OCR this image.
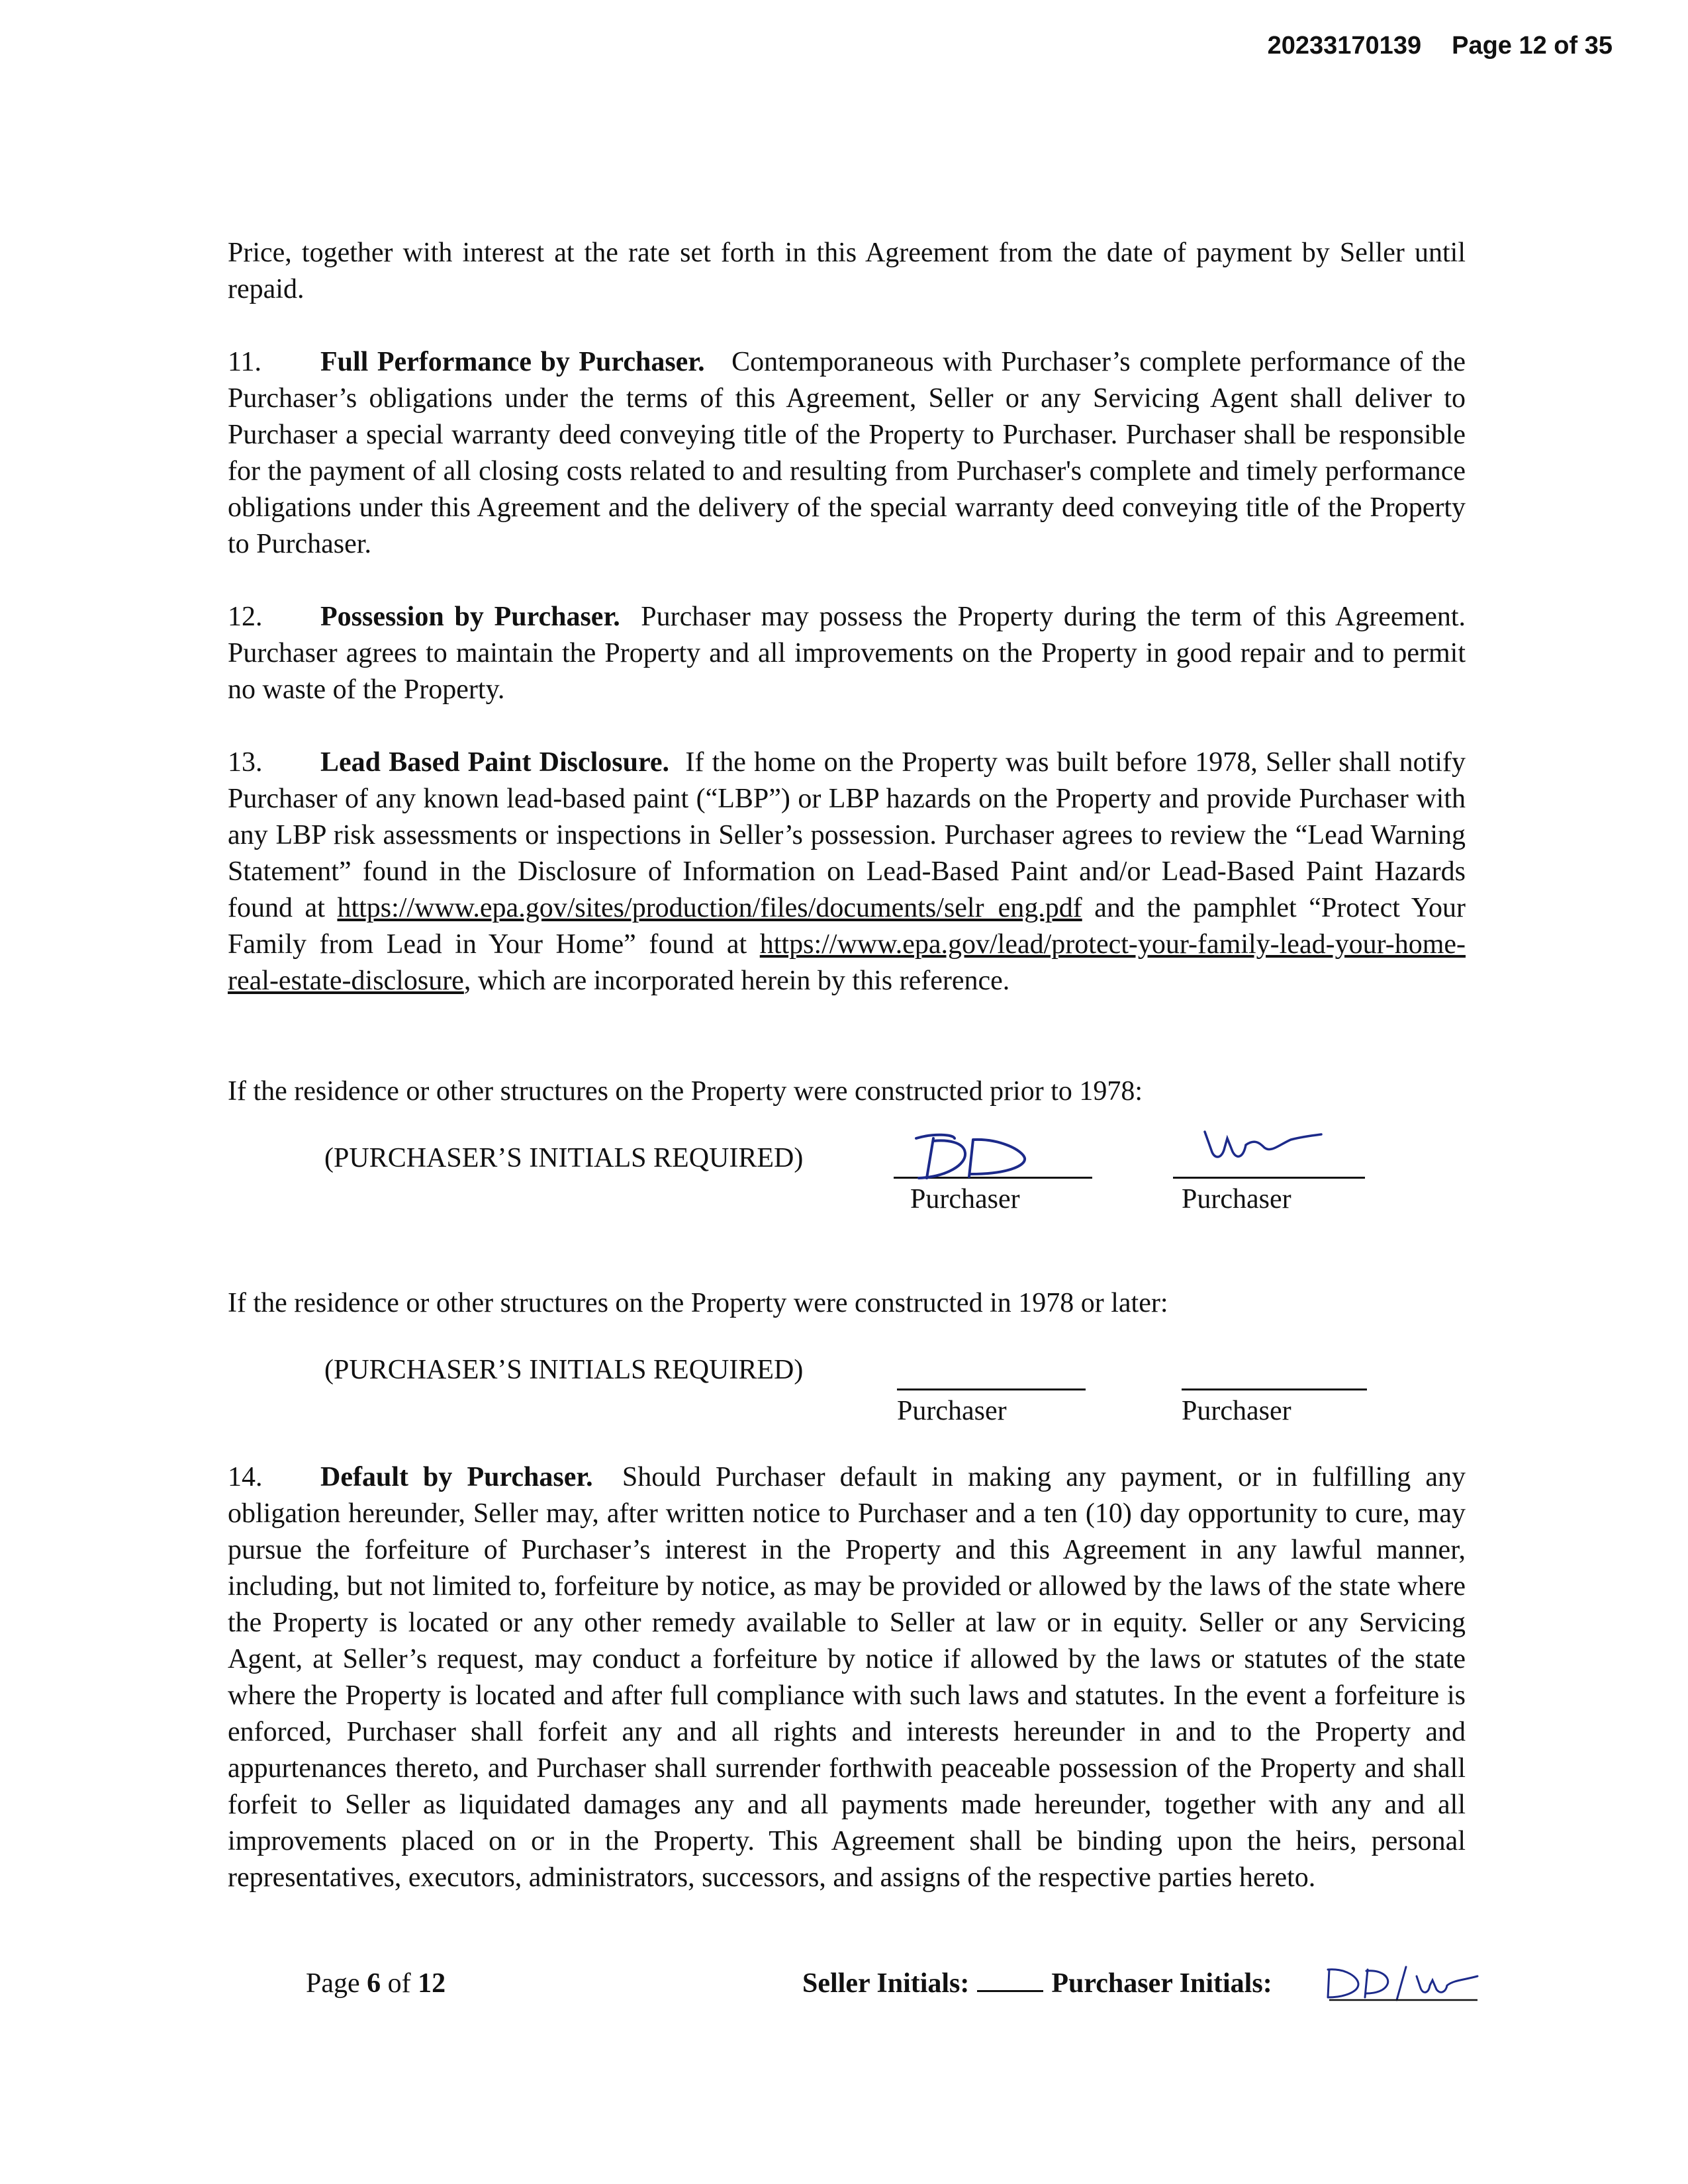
20233170139 Page 12 of 35

Price, together with interest at the rate set forth in this Agreement from the date of payment by Seller until repaid.

11. Full Performance by Purchaser. Contemporaneous with Purchaser’s complete performance of the Purchaser’s obligations under the terms of this Agreement, Seller or any Servicing Agent shall deliver to Purchaser a special warranty deed conveying title of the Property to Purchaser. Purchaser shall be responsible for the payment of all closing costs related to and resulting from Purchaser's complete and timely performance obligations under this Agreement and the delivery of the special warranty deed conveying title of the Property to Purchaser.

12. Possession by Purchaser. Purchaser may possess the Property during the term of this Agreement. Purchaser agrees to maintain the Property and all improvements on the Property in good repair and to permit no waste of the Property.

13. Lead Based Paint Disclosure. If the home on the Property was built before 1978, Seller shall notify Purchaser of any known lead-based paint (“LBP”) or LBP hazards on the Property and provide Purchaser with any LBP risk assessments or inspections in Seller’s possession. Purchaser agrees to review the “Lead Warning Statement” found in the Disclosure of Information on Lead-Based Paint and/or Lead-Based Paint Hazards found at https://www.epa.gov/sites/production/files/documents/selr_eng.pdf and the pamphlet “Protect Your Family from Lead in Your Home” found at https://www.epa.gov/lead/protect-your-family-lead-your-home-real-estate-disclosure, which are incorporated herein by this reference.

If the residence or other structures on the Property were constructed prior to 1978:
(PURCHASER’S INITIALS REQUIRED)
Purchaser	Purchaser
If the residence or other structures on the Property were constructed in 1978 or later:
(PURCHASER’S INITIALS REQUIRED)
Purchaser	Purchaser

14. Default by Purchaser. Should Purchaser default in making any payment, or in fulfilling any obligation hereunder, Seller may, after written notice to Purchaser and a ten (10) day opportunity to cure, may pursue the forfeiture of Purchaser’s interest in the Property and this Agreement in any lawful manner, including, but not limited to, forfeiture by notice, as may be provided or allowed by the laws of the state where the Property is located or any other remedy available to Seller at law or in equity. Seller or any Servicing Agent, at Seller’s request, may conduct a forfeiture by notice if allowed by the laws or statutes of the state where the Property is located and after full compliance with such laws and statutes. In the event a forfeiture is enforced, Purchaser shall forfeit any and all rights and interests hereunder in and to the Property and appurtenances thereto, and Purchaser shall surrender forthwith peaceable possession of the Property and shall forfeit to Seller as liquidated damages any and all payments made hereunder, together with any and all improvements placed on or in the Property. This Agreement shall be binding upon the heirs, personal representatives, executors, administrators, successors, and assigns of the respective parties hereto.

Page 6 of 12	Seller Initials:	Purchaser Initials:
